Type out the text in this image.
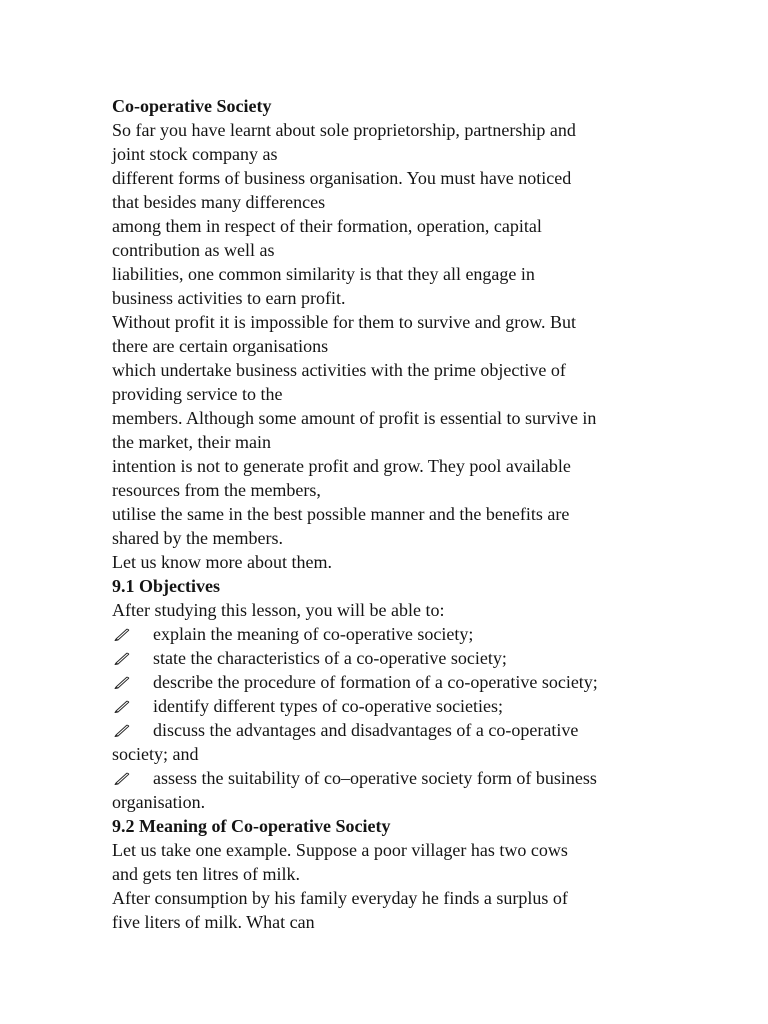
Co-operative Society
So far you have learnt about sole proprietorship, partnership and
joint stock company as
different forms of business organisation. You must have noticed
that besides many differences
among them in respect of their formation, operation, capital
contribution as well as
liabilities, one common similarity is that they all engage in
business activities to earn profit.
Without profit it is impossible for them to survive and grow. But
there are certain organisations
which undertake business activities with the prime objective of
providing service to the
members. Although some amount of profit is essential to survive in
the market, their main
intention is not to generate profit and grow. They pool available
resources from the members,
utilise the same in the best possible manner and the benefits are
shared by the members.
Let us know more about them.
9.1 Objectives
After studying this lesson, you will be able to:
explain the meaning of co-operative society;
state the characteristics of a co-operative society;
describe the procedure of formation of a co-operative society;
identify different types of co-operative societies;
discuss the advantages and disadvantages of a co-operative
society; and
assess the suitability of co–operative society form of business
organisation.
9.2 Meaning of Co-operative Society
Let us take one example. Suppose a poor villager has two cows
and gets ten litres of milk.
After consumption by his family everyday he finds a surplus of
five liters of milk. What can
